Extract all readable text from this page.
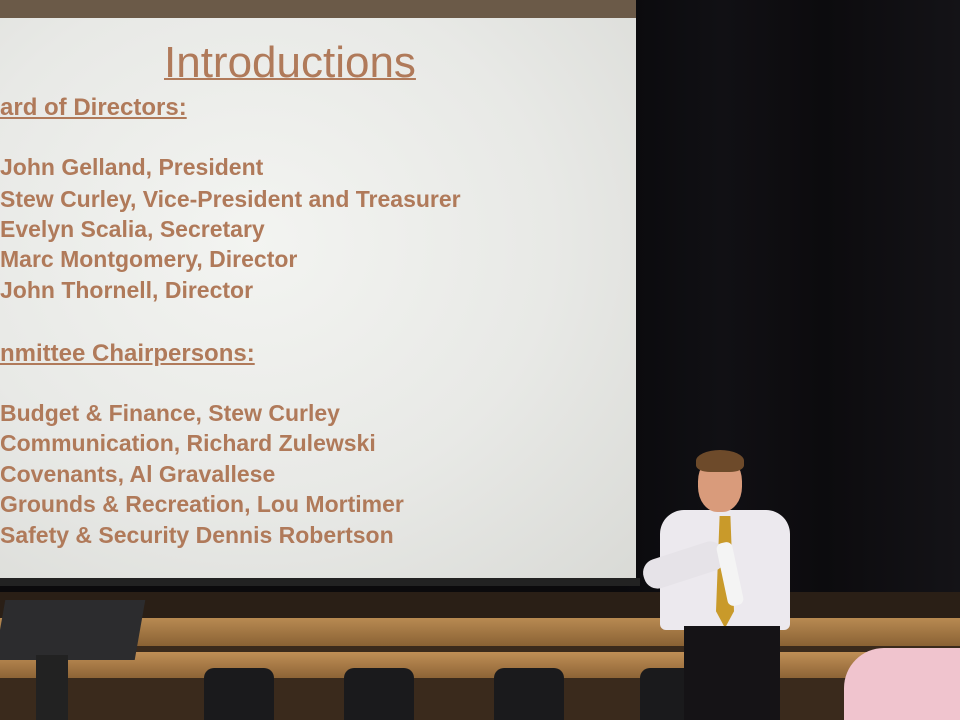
Introductions
ard of Directors:
John Gelland, President
Stew Curley, Vice-President and Treasurer
Evelyn Scalia, Secretary
Marc Montgomery, Director
John Thornell, Director
nmittee Chairpersons:
Budget & Finance, Stew Curley
Communication, Richard Zulewski
Covenants, Al Gravallese
Grounds & Recreation, Lou Mortimer
Safety & Security Dennis Robertson
